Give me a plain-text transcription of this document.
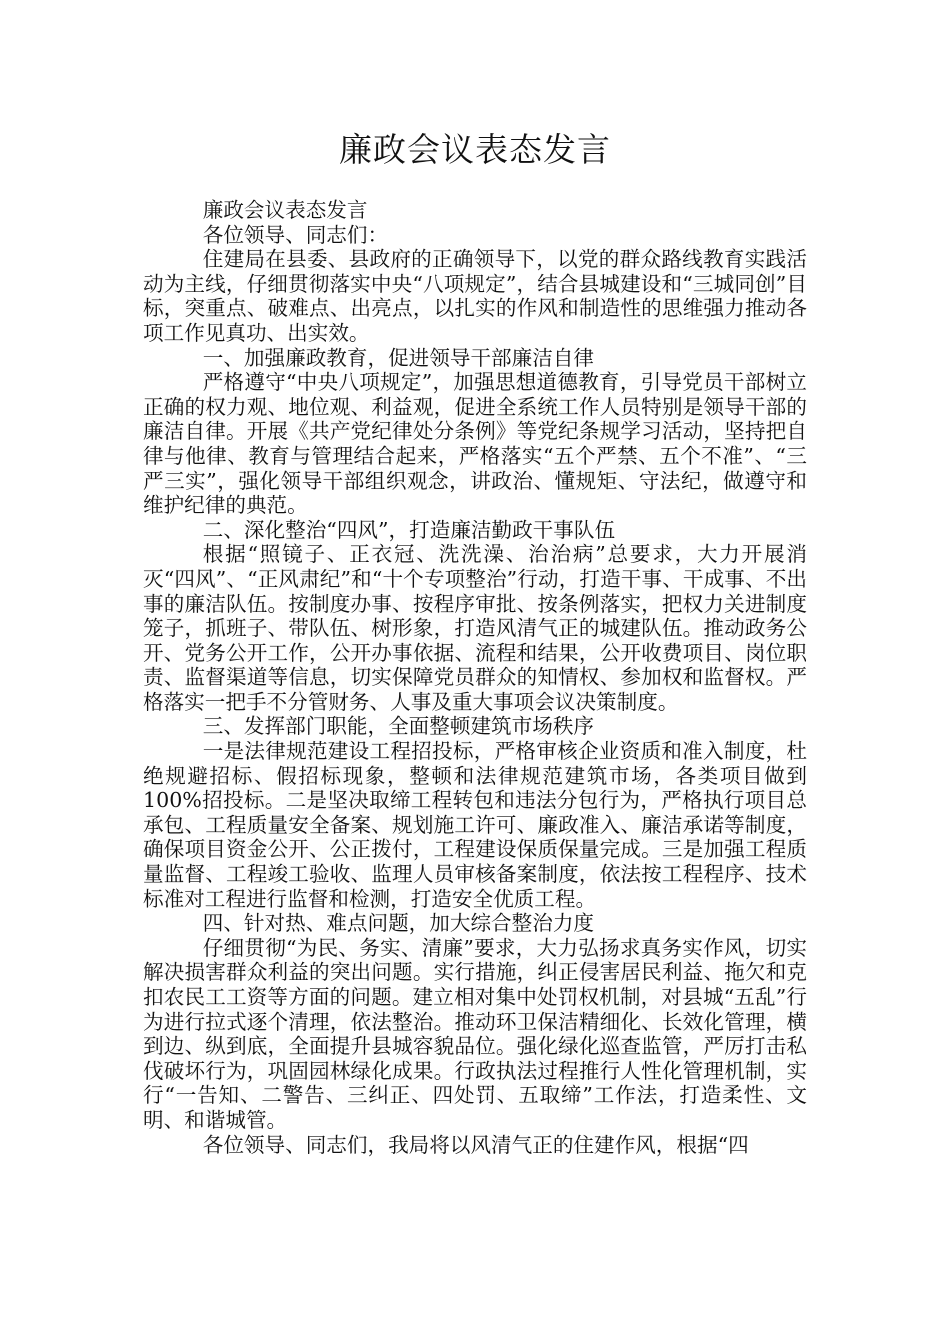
廉政会议表态发言

廉政会议表态发言

各位领导、同志们：

住建局在县委、县政府的正确领导下，以党的群众路线教育实践活动为主线，仔细贯彻落实中央“八项规定”，结合县城建设和“三城同创”目标，突重点、破难点、出亮点，以扎实的作风和制造性的思维强力推动各项工作见真功、出实效。

一、加强廉政教育，促进领导干部廉洁自律

严格遵守“中央八项规定”，加强思想道德教育，引导党员干部树立正确的权力观、地位观、利益观，促进全系统工作人员特别是领导干部的廉洁自律。开展《共产党纪律处分条例》等党纪条规学习活动，坚持把自律与他律、教育与管理结合起来，严格落实“五个严禁、五个不准”、“三严三实”，强化领导干部组织观念，讲政治、懂规矩、守法纪，做遵守和维护纪律的典范。

二、深化整治“四风”，打造廉洁勤政干事队伍

根据“照镜子、正衣冠、洗洗澡、治治病”总要求，大力开展消灭“四风”、“正风肃纪”和“十个专项整治”行动，打造干事、干成事、不出事的廉洁队伍。按制度办事、按程序审批、按条例落实，把权力关进制度笼子，抓班子、带队伍、树形象，打造风清气正的城建队伍。推动政务公开、党务公开工作，公开办事依据、流程和结果，公开收费项目、岗位职责、监督渠道等信息，切实保障党员群众的知情权、参加权和监督权。严格落实一把手不分管财务、人事及重大事项会议决策制度。

三、发挥部门职能，全面整顿建筑市场秩序

一是法律规范建设工程招投标，严格审核企业资质和准入制度，杜绝规避招标、假招标现象，整顿和法律规范建筑市场，各类项目做到100%招投标。二是坚决取缔工程转包和违法分包行为，严格执行项目总承包、工程质量安全备案、规划施工许可、廉政准入、廉洁承诺等制度，确保项目资金公开、公正拨付，工程建设保质保量完成。三是加强工程质量监督、工程竣工验收、监理人员审核备案制度，依法按工程程序、技术标准对工程进行监督和检测，打造安全优质工程。

四、针对热、难点问题，加大综合整治力度

仔细贯彻“为民、务实、清廉”要求，大力弘扬求真务实作风，切实解决损害群众利益的突出问题。实行措施，纠正侵害居民利益、拖欠和克扣农民工工资等方面的问题。建立相对集中处罚权机制，对县城“五乱”行为进行拉式逐个清理，依法整治。推动环卫保洁精细化、长效化管理，横到边、纵到底，全面提升县城容貌品位。强化绿化巡查监管，严厉打击私伐破坏行为，巩固园林绿化成果。行政执法过程推行人性化管理机制，实行“一告知、二警告、三纠正、四处罚、五取缔”工作法，打造柔性、文明、和谐城管。

各位领导、同志们，我局将以风清气正的住建作风，根据“四
